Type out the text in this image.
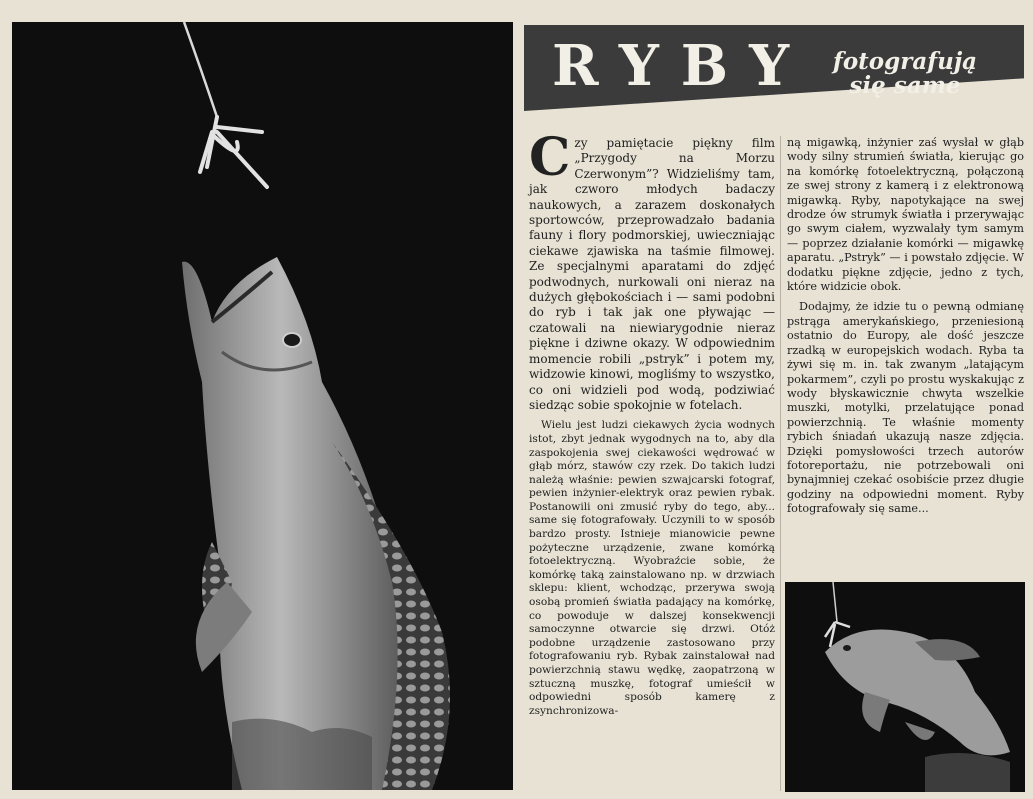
RYBY fotografują
się same

Czy pamiętacie piękny film „Przygody na Morzu Czerwonym”? Widzieliśmy tam, jak czworo młodych badaczy naukowych, a zarazem doskonałych sportowców, przeprowadzało badania fauny i flory podmorskiej, uwieczniając ciekawe zjawiska na taśmie filmowej. Ze specjalnymi aparatami do zdjęć podwodnych, nurkowali oni nieraz na dużych głębokościach i — sami podobni do ryb i tak jak one pływając — czatowali na niewiarygodnie nieraz piękne i dziwne okazy. W odpowiednim momencie robili „pstryk” i potem my, widzowie kinowi, mogliśmy to wszystko, co oni widzieli pod wodą, podziwiać siedząc sobie spokojnie w fotelach.

Wielu jest ludzi ciekawych życia wodnych istot, zbyt jednak wygodnych na to, aby dla zaspokojenia swej ciekawości wędrować w głąb mórz, stawów czy rzek. Do takich ludzi należą właśnie: pewien szwajcarski fotograf, pewien inżynier-elektryk oraz pewien rybak. Postanowili oni zmusić ryby do tego, aby... same się fotografowały. Uczynili to w sposób bardzo prosty. Istnieje mianowicie pewne pożyteczne urządzenie, zwane komórką fotoelektryczną. Wyobraźcie sobie, że komórkę taką zainstalowano np. w drzwiach sklepu: klient, wchodząc, przerywa swoją osobą promień światła padający na komórkę, co powoduje w dalszej konsekwencji samoczynne otwarcie się drzwi. Otóż podobne urządzenie zastosowano przy fotografowaniu ryb. Rybak zainstalował nad powierzchnią stawu wędkę, zaopatrzoną w sztuczną muszkę, fotograf umieścił w odpowiedni sposób kamerę z zsynchronizowa-

ną migawką, inżynier zaś wysłał w głąb wody silny strumień światła, kierując go na komórkę fotoelektryczną, połączoną ze swej strony z kamerą i z elektronową migawką. Ryby, napotykające na swej drodze ów strumyk światła i przerywając go swym ciałem, wyzwalały tym samym — poprzez działanie komórki — migawkę aparatu. „Pstryk” — i powstało zdjęcie. W dodatku piękne zdjęcie, jedno z tych, które widzicie obok.

Dodajmy, że idzie tu o pewną odmianę pstrąga amerykańskiego, przeniesioną ostatnio do Europy, ale dość jeszcze rzadką w europejskich wodach. Ryba ta żywi się m. in. tak zwanym „latającym pokarmem”, czyli po prostu wyskakując z wody błyskawicznie chwyta wszelkie muszki, motylki, przelatujące ponad powierzchnią. Te właśnie momenty rybich śniadań ukazują nasze zdjęcia. Dzięki pomysłowości trzech autorów fotoreportażu, nie potrzebowali oni bynajmniej czekać osobiście przez długie godziny na odpowiedni moment. Ryby fotografowały się same...
